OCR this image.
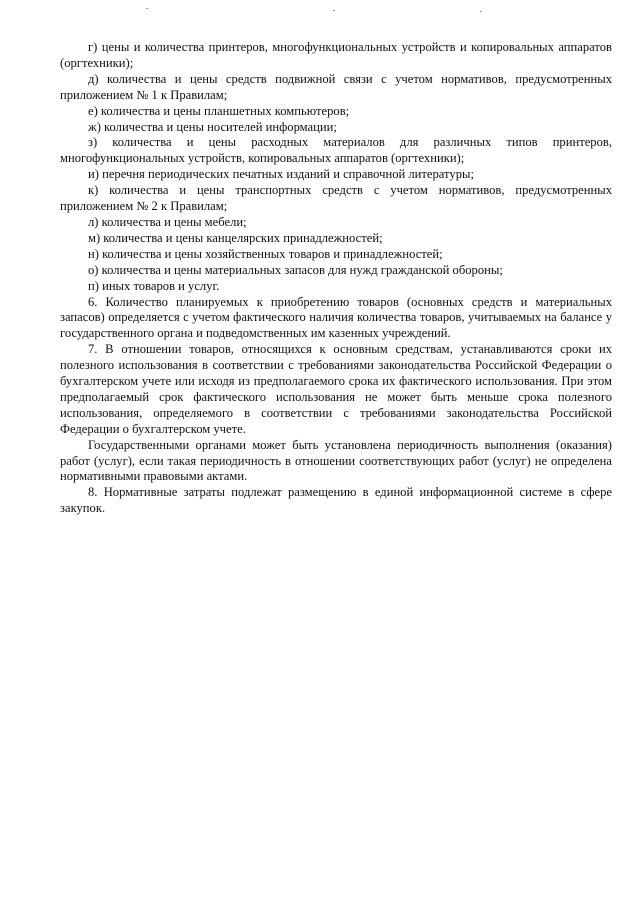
г) цены и количества принтеров, многофункциональных устройств и копировальных аппаратов (оргтехники);

д) количества и цены средств подвижной связи с учетом нормативов, предусмотренных приложением № 1 к Правилам;

е) количества и цены планшетных компьютеров;

ж) количества и цены носителей информации;

з) количества и цены расходных материалов для различных типов принтеров, многофункциональных устройств, копировальных аппаратов (оргтехники);

и) перечня периодических печатных изданий и справочной литературы;

к) количества и цены транспортных средств с учетом нормативов, предусмотренных приложением № 2 к Правилам;

л) количества и цены мебели;

м) количества и цены канцелярских принадлежностей;

н) количества и цены хозяйственных товаров и принадлежностей;

о) количества и цены материальных запасов для нужд гражданской обороны;

п) иных товаров и услуг.

6. Количество планируемых к приобретению товаров (основных средств и материальных запасов) определяется с учетом фактического наличия количества товаров, учитываемых на балансе у государственного органа и подведомственных им казенных учреждений.

7. В отношении товаров, относящихся к основным средствам, устанавливаются сроки их полезного использования в соответствии с требованиями законодательства Российской Федерации о бухгалтерском учете или исходя из предполагаемого срока их фактического использования. При этом предполагаемый срок фактического использования не может быть меньше срока полезного использования, определяемого в соответствии с требованиями законодательства Российской Федерации о бухгалтерском учете.

Государственными органами может быть установлена периодичность выполнения (оказания) работ (услуг), если такая периодичность в отношении соответствующих работ (услуг) не определена нормативными правовыми актами.

8. Нормативные затраты подлежат размещению в единой информационной системе в сфере закупок.
